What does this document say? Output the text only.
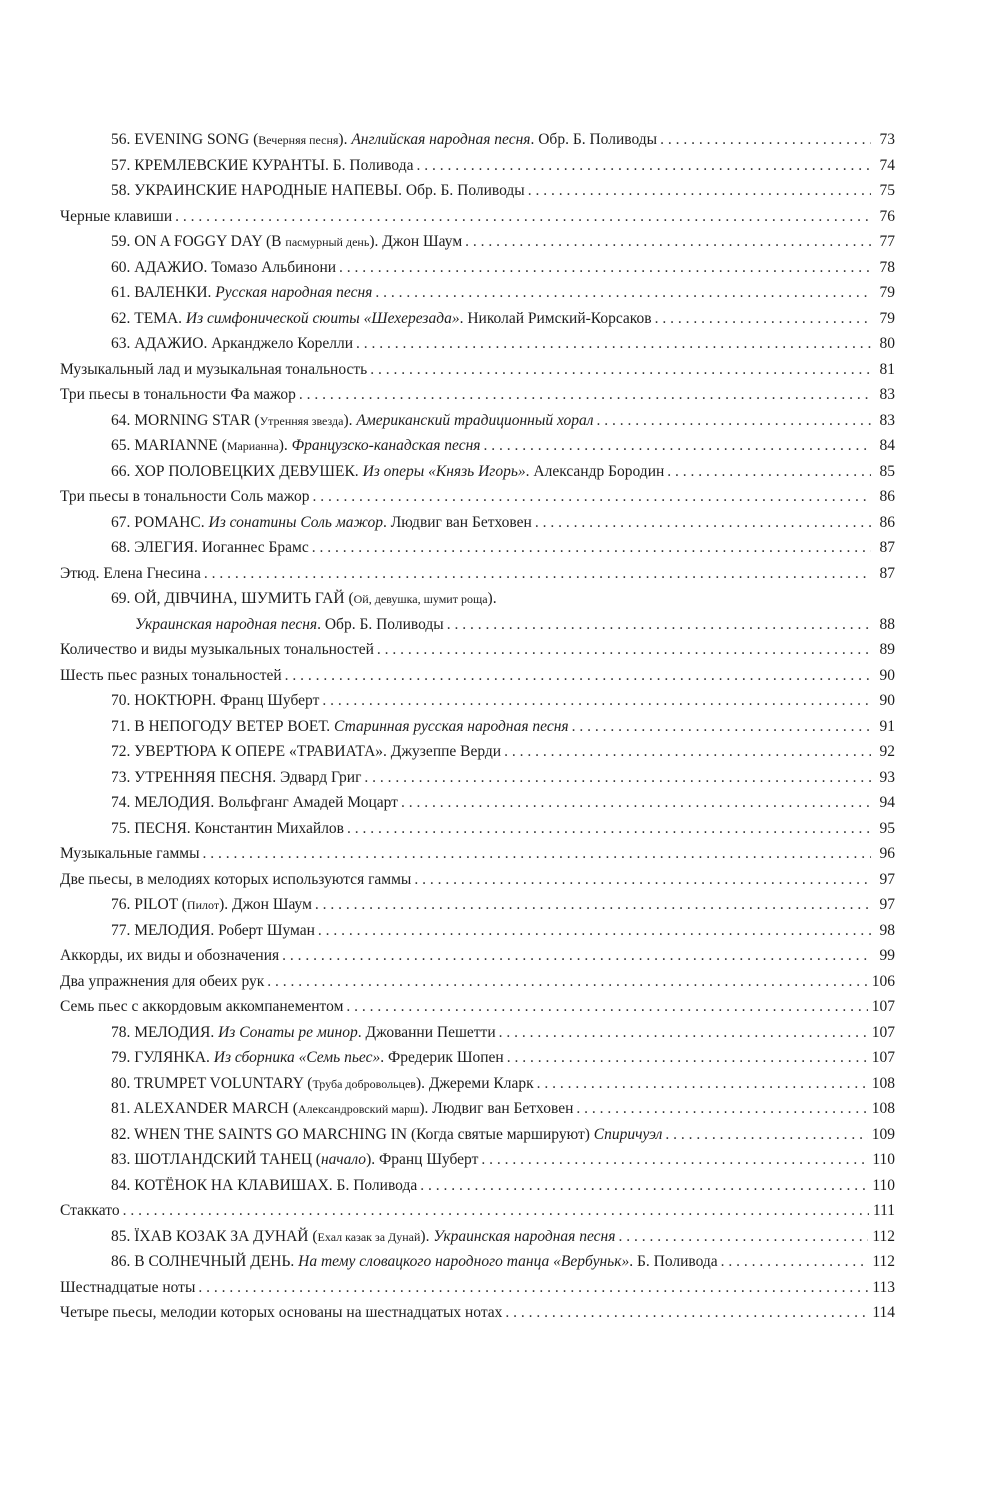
56. EVENING SONG (Вечерняя песня). Английская народная песня. Обр. Б. Поливоды . . .	73
57. КРЕМЛЕВСКИЕ КУРАНТЫ. Б. Поливода . . .	74
58. УКРАИНСКИЕ НАРОДНЫЕ НАПЕВЫ. Обр. Б. Поливоды . . .	75
Черные клавиши . . .	76
59. ON A FOGGY DAY (В пасмурный день). Джон Шаум . . .	77
60. АДАЖИО. Томазо Альбинони . . .	78
61. ВАЛЕНКИ. Русская народная песня . . .	79
62. ТЕМА. Из симфонической сюиты «Шехерезада». Николай Римский-Корсаков . . .	79
63. АДАЖИО. Арканджело Корелли . . .	80
Музыкальный лад и музыкальная тональность . . .	81
Три пьесы в тональности Фа мажор . . .	83
64. MORNING STAR (Утренняя звезда). Американский традиционный хорал . . .	83
65. MARIANNE (Марианна). Французско-канадская песня . . .	84
66. ХОР ПОЛОВЕЦКИХ ДЕВУШЕК. Из оперы «Князь Игорь». Александр Бородин . . .	85
Три пьесы в тональности Соль мажор . . .	86
67. РОМАНС. Из сонатины Соль мажор. Людвиг ван Бетховен . . .	86
68. ЭЛЕГИЯ. Иоганнес Брамс . . .	87
Этюд. Елена Гнесина . . .	87
69. ОЙ, ДІВЧИНА, ШУМИТЬ ГАЙ (Ой, девушка, шумит роща).
Украинская народная песня. Обр. Б. Поливоды . . .	88
Количество и виды музыкальных тональностей . . .	89
Шесть пьес разных тональностей . . .	90
70. НОКТЮРН. Франц Шуберт . . .	90
71. В НЕПОГОДУ ВЕТЕР ВОЕТ. Старинная русская народная песня . . .	91
72. УВЕРТЮРА К ОПЕРЕ «ТРАВИАТА». Джузеппе Верди . . .	92
73. УТРЕННЯЯ ПЕСНЯ. Эдвард Григ . . .	93
74. МЕЛОДИЯ. Вольфганг Амадей Моцарт . . .	94
75. ПЕСНЯ. Константин Михайлов . . .	95
Музыкальные гаммы . . .	96
Две пьесы, в мелодиях которых используются гаммы . . .	97
76. PILOT (Пилот). Джон Шаум . . .	97
77. МЕЛОДИЯ. Роберт Шуман . . .	98
Аккорды, их виды и обозначения . . .	99
Два упражнения для обеих рук . . .	106
Семь пьес с аккордовым аккомпанементом . . .	107
78. МЕЛОДИЯ. Из Сонаты ре минор. Джованни Пешетти . . .	107
79. ГУЛЯНКА. Из сборника «Семь пьес». Фредерик Шопен . . .	107
80. TRUMPET VOLUNTARY (Труба добровольцев). Джереми Кларк . . .	108
81. ALEXANDER MARCH (Александровский марш). Людвиг ван Бетховен . . .	108
82. WHEN THE SAINTS GO MARCHING IN (Когда святые маршируют) Спиричуэл . . .	109
83. ШОТЛАНДСКИЙ ТАНЕЦ (начало). Франц Шуберт . . .	110
84. КОТЁНОК НА КЛАВИШАХ. Б. Поливода . . .	110
Стаккато . . .	111
85. ЇХАВ КОЗАК ЗА ДУНАЙ (Ехал казак за Дунай). Украинская народная песня . . .	112
86. В СОЛНЕЧНЫЙ ДЕНЬ. На тему словацкого народного танца «Вербуньк». Б. Поливода . . .	112
Шестнадцатые ноты . . .	113
Четыре пьесы, мелодии которых основаны на шестнадцатых нотах . . .	114
